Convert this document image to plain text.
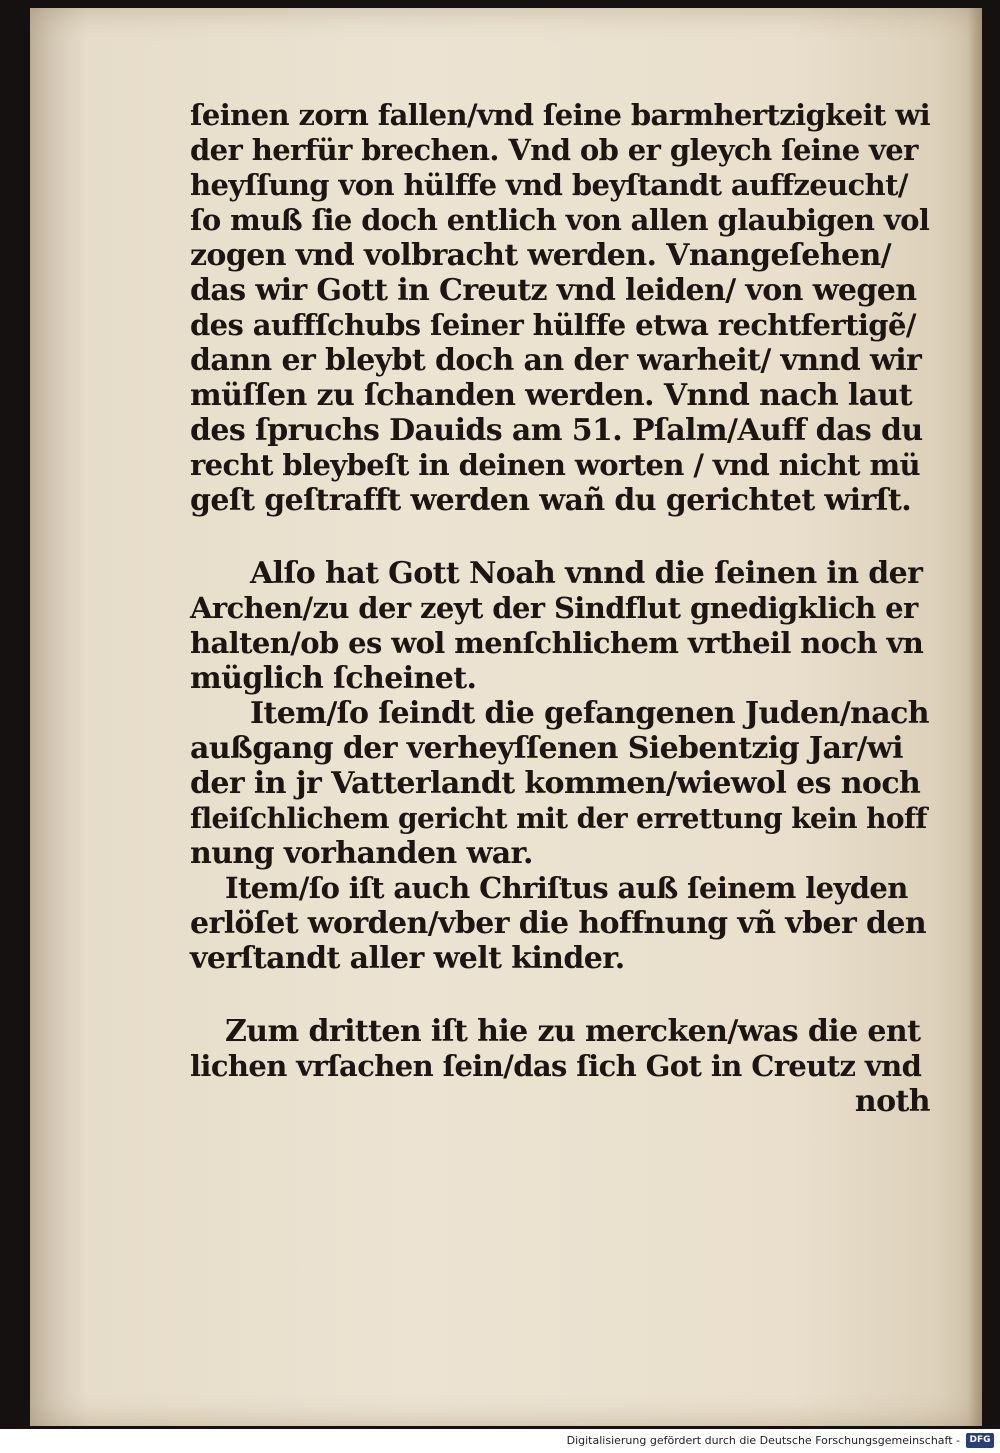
ſeinen zorn fallen/vnd ſeine barmhertzigkeit wi
der herfür brechen. Vnd ob er gleych ſeine ver
heyſſung von hülffe vnd beyſtandt auffzeucht/
ſo muß ſie doch entlich von allen glaubigen vol
zogen vnd volbracht werden. Vnangeſehen/
das wir Gott in Creutz vnd leiden/ von wegen
des auffſchubs ſeiner hülffe etwa rechtfertigẽ/
dann er bleybt doch an der warheit/ vnnd wir
müſſen zu ſchanden werden. Vnnd nach laut
des ſpruchs Dauids am 51. Pſalm/Auff das du
recht bleybeſt in deinen worten / vnd nicht mü
geſt geſtrafft werden wañ du gerichtet wirſt.
Alſo hat Gott Noah vnnd die ſeinen in der
Archen/zu der zeyt der Sindflut gnedigklich er
halten/ob es wol menſchlichem vrtheil noch vn
müglich ſcheinet.
Item/ſo ſeindt die gefangenen Juden/nach
außgang der verheyſſenen Siebentzig Jar/wi
der in jr Vatterlandt kommen/wiewol es noch
fleiſchlichem gericht mit der errettung kein hoff
nung vorhanden war.
Item/ſo iſt auch Chriſtus auß ſeinem leyden
erlöſet worden/vber die hoffnung vñ vber den
verſtandt aller welt kinder.
Zum dritten iſt hie zu mercken/was die ent
lichen vrſachen ſein/das ſich Got in Creutz vnd
noth
Digitalisierung gefördert durch die Deutsche Forschungsgemeinschaft -	DFG
